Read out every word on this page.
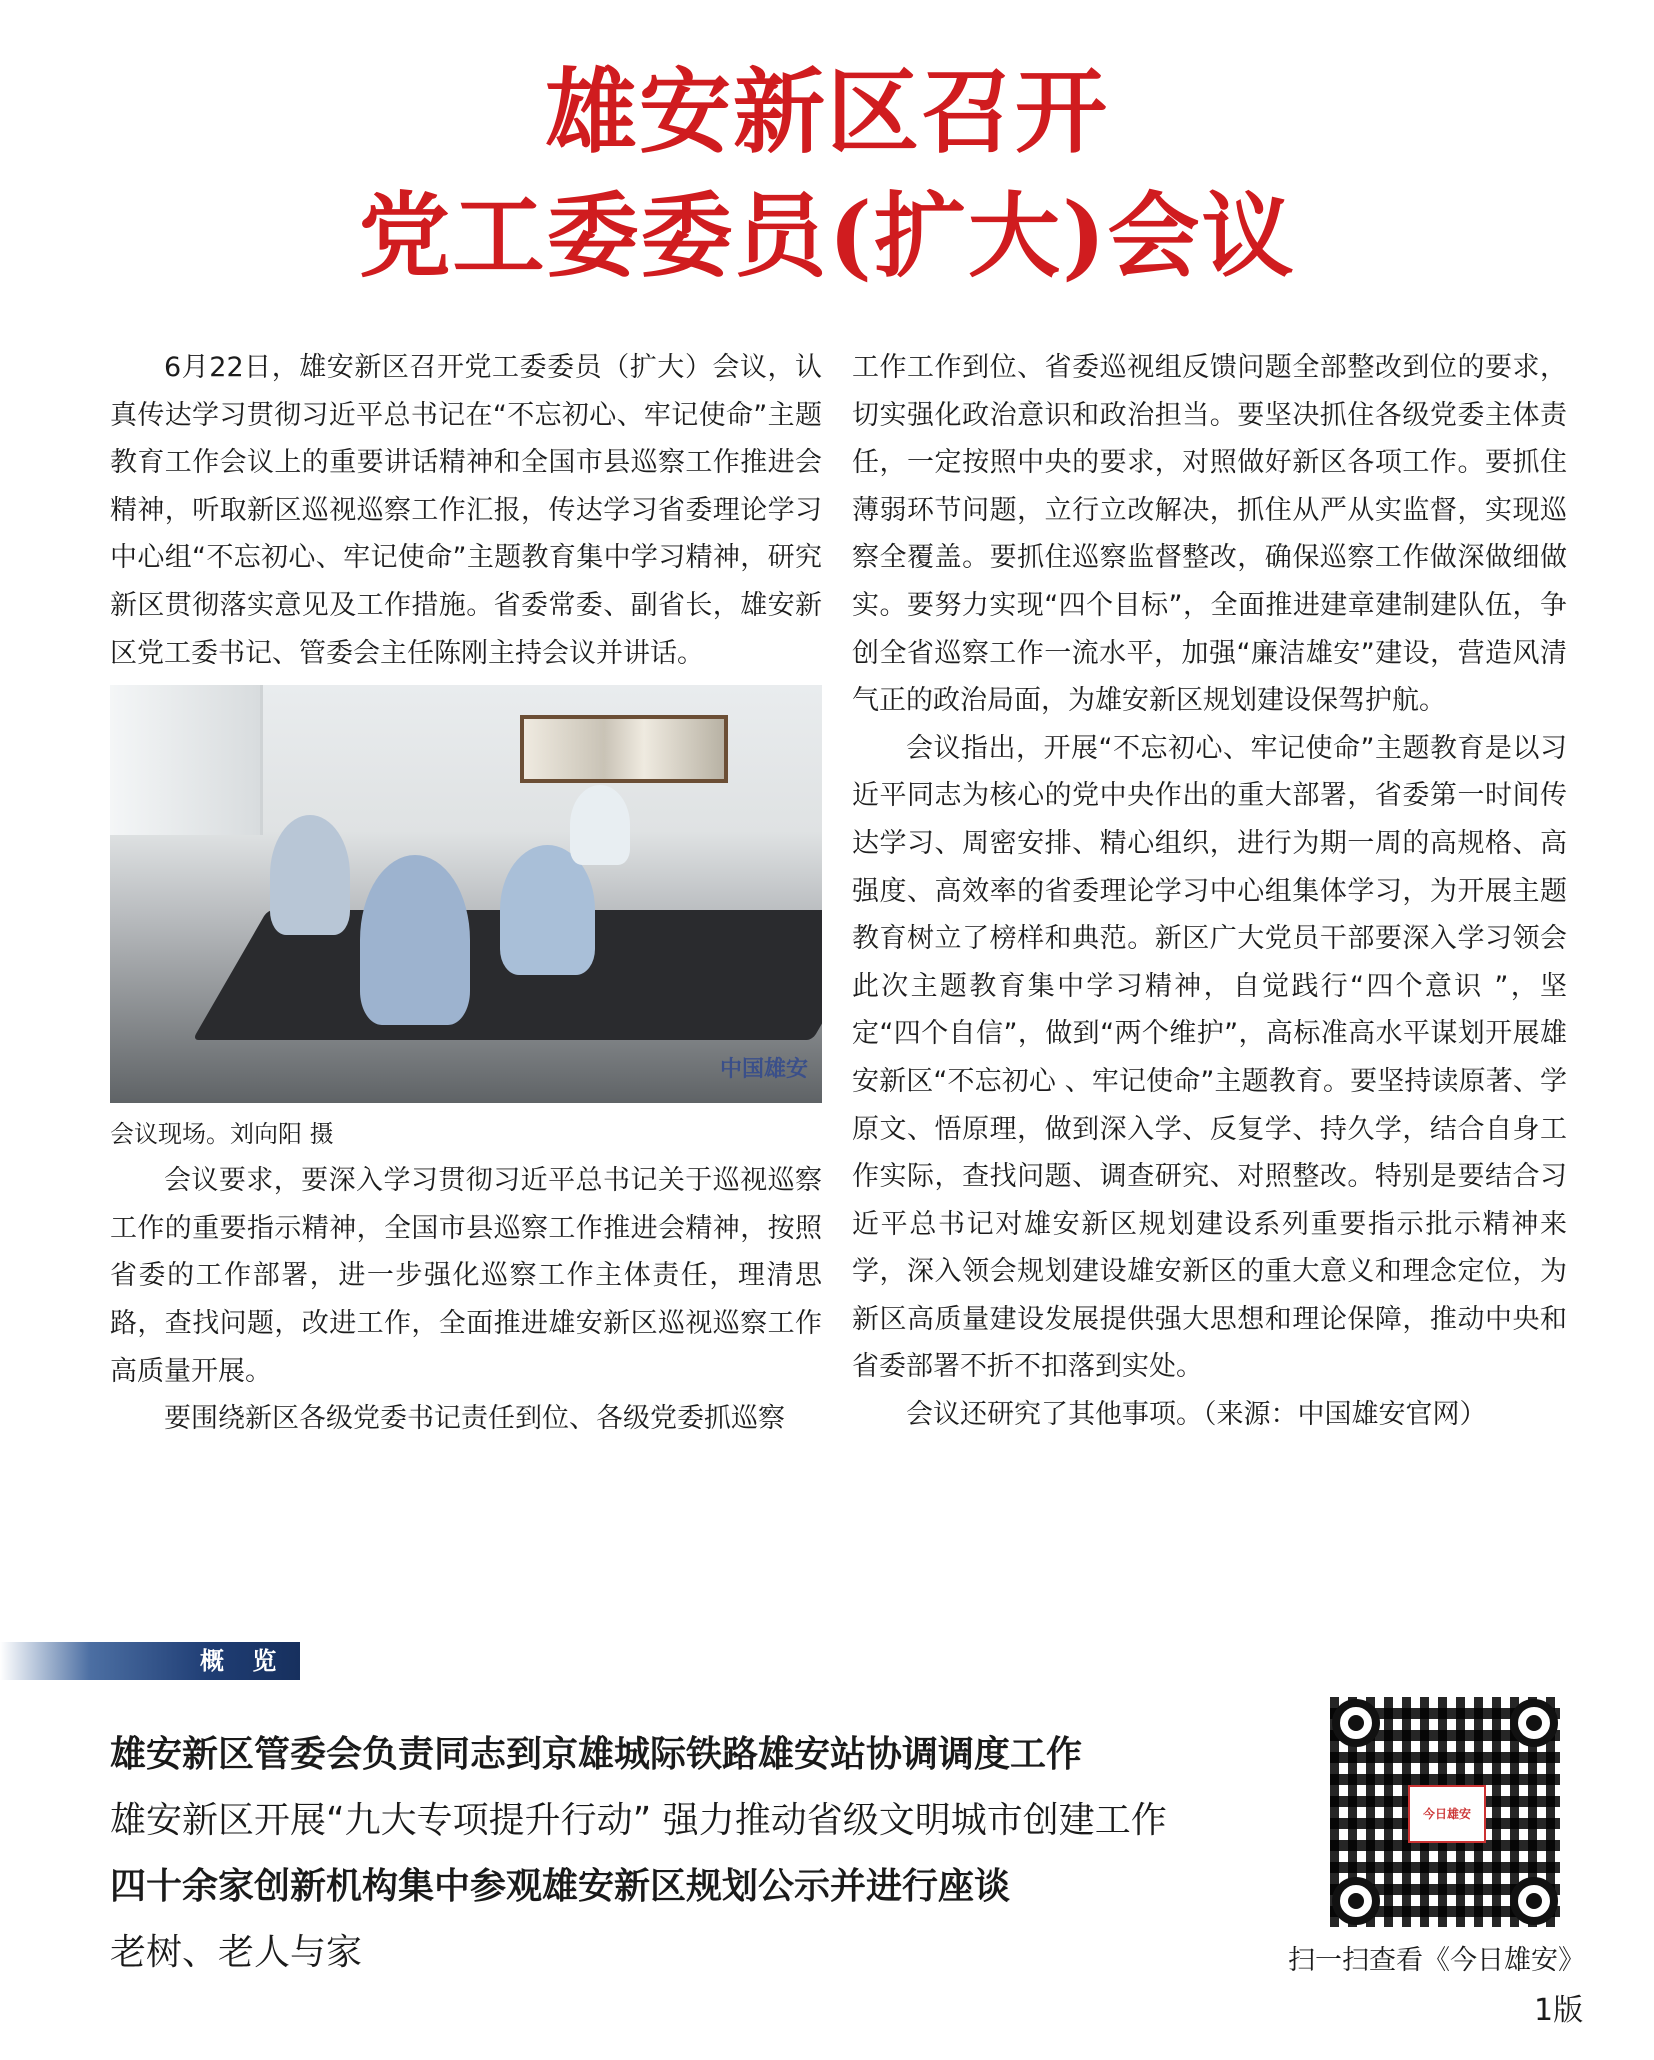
雄安新区召开
党工委委员(扩大)会议

6月22日，雄安新区召开党工委委员（扩大）会议，认真传达学习贯彻习近平总书记在“不忘初心、牢记使命”主题教育工作会议上的重要讲话精神和全国市县巡察工作推进会精神，听取新区巡视巡察工作汇报，传达学习省委理论学习中心组“不忘初心、牢记使命”主题教育集中学习精神，研究新区贯彻落实意见及工作措施。省委常委、副省长，雄安新区党工委书记、管委会主任陈刚主持会议并讲话。

中国雄安

会议现场。刘向阳 摄

会议要求，要深入学习贯彻习近平总书记关于巡视巡察工作的重要指示精神，全国市县巡察工作推进会精神，按照省委的工作部署，进一步强化巡察工作主体责任，理清思路，查找问题，改进工作，全面推进雄安新区巡视巡察工作高质量开展。

要围绕新区各级党委书记责任到位、各级党委抓巡察

工作工作到位、省委巡视组反馈问题全部整改到位的要求，切实强化政治意识和政治担当。要坚决抓住各级党委主体责任，一定按照中央的要求，对照做好新区各项工作。要抓住薄弱环节问题，立行立改解决，抓住从严从实监督，实现巡察全覆盖。要抓住巡察监督整改，确保巡察工作做深做细做实。要努力实现“四个目标”，全面推进建章建制建队伍，争创全省巡察工作一流水平，加强“廉洁雄安”建设，营造风清气正的政治局面，为雄安新区规划建设保驾护航。

会议指出，开展“不忘初心、牢记使命”主题教育是以习近平同志为核心的党中央作出的重大部署，省委第一时间传达学习、周密安排、精心组织，进行为期一周的高规格、高强度、高效率的省委理论学习中心组集体学习，为开展主题教育树立了榜样和典范。新区广大党员干部要深入学习领会此次主题教育集中学习精神，自觉践行“四个意识 ”，坚定“四个自信”，做到“两个维护”，高标准高水平谋划开展雄安新区“不忘初心 、牢记使命”主题教育。要坚持读原著、学原文、悟原理，做到深入学、反复学、持久学，结合自身工作实际，查找问题、调查研究、对照整改。特别是要结合习近平总书记对雄安新区规划建设系列重要指示批示精神来学，深入领会规划建设雄安新区的重大意义和理念定位，为新区高质量建设发展提供强大思想和理论保障，推动中央和省委部署不折不扣落到实处。

会议还研究了其他事项。（来源：中国雄安官网）

概 览
雄安新区管委会负责同志到京雄城际铁路雄安站协调调度工作
雄安新区开展“九大专项提升行动” 强力推动省级文明城市创建工作
四十余家创新机构集中参观雄安新区规划公示并进行座谈
老树、老人与家
今日雄安
扫一扫查看《今日雄安》
1版
